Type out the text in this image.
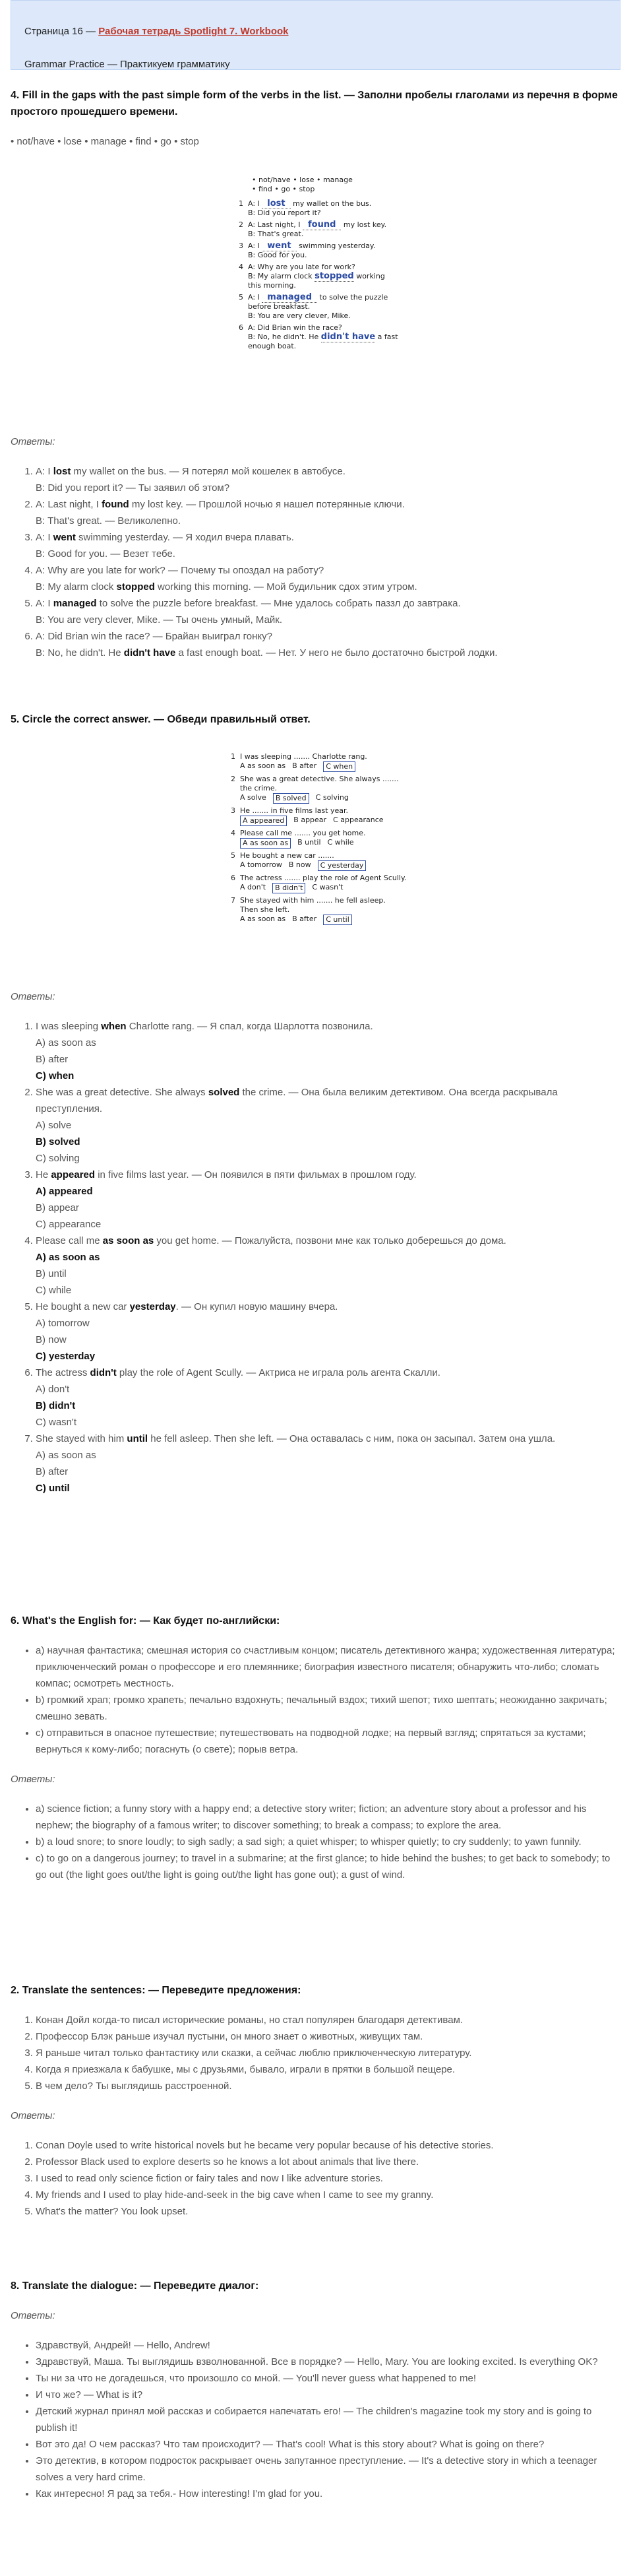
Страница 16 — Рабочая тетрадь Spotlight 7. Workbook
Grammar Practice — Практикуем грамматику
4. Fill in the gaps with the past simple form of the verbs in the list. — Заполни пробелы глаголами из перечня в форме простого прошедшего времени.
• not/have • lose • manage • find • go • stop
• not/have • lose • manage
• find • go • stop
1 A: I lost my wallet on the bus.
B: Did you report it?
2 A: Last night, I found my lost key.
B: That's great.
3 A: I went swimming yesterday.
B: Good for you.
4 A: Why are you late for work?
B: My alarm clock stopped working
this morning.
5 A: I managed to solve the puzzle
before breakfast.
B: You are very clever, Mike.
6 A: Did Brian win the race?
B: No, he didn't. He didn't have a fast
enough boat.
Ответы:
1. A: I lost my wallet on the bus. — Я потерял мой кошелек в автобусе.
B: Did you report it? — Ты заявил об этом?
2. A: Last night, I found my lost key. — Прошлой ночью я нашел потерянные ключи.
B: That's great. — Великолепно.
3. A: I went swimming yesterday. — Я ходил вчера плавать.
B: Good for you. — Везет тебе.
4. A: Why are you late for work? — Почему ты опоздал на работу?
B: My alarm clock stopped working this morning. — Мой будильник сдох этим утром.
5. A: I managed to solve the puzzle before breakfast. — Мне удалось собрать паззл до завтрака.
B: You are very clever, Mike. — Ты очень умный, Майк.
6. A: Did Brian win the race? — Брайан выиграл гонку?
B: No, he didn't. He didn't have a fast enough boat. — Нет. У него не было достаточно быстрой лодки.
5. Circle the correct answer. — Обведи правильный ответ.
1 I was sleeping ....... Charlotte rang.
A as soon as B after	C when
2 She was a great detective. She always .......
the crime.
A solve	B solved	C solving
3 He ....... in five films last year.
A appeared	B appear C appearance
4 Please call me ....... you get home.
A as soon as	B until C while
5 He bought a new car .......
A tomorrow B now	C yesterday
6 The actress ....... play the role of Agent Scully.
A don't	B didn't	C wasn't
7 She stayed with him ....... he fell asleep.
Then she left.
A as soon as B after	C until
Ответы:
1. I was sleeping when Charlotte rang. — Я спал, когда Шарлотта позвонила.
A) as soon as
B) after
C) when
2. She was a great detective. She always solved the crime. — Она была великим детективом. Она всегда раскрывала преступления.
A) solve
B) solved
C) solving
3. He appeared in five films last year. — Он появился в пяти фильмах в прошлом году.
A) appeared
B) appear
C) appearance
4. Please call me as soon as you get home. — Пожалуйста, позвони мне как только доберешься до дома.
A) as soon as
B) until
C) while
5. He bought a new car yesterday. — Он купил новую машину вчера.
A) tomorrow
B) now
C) yesterday
6. The actress didn't play the role of Agent Scully. — Актриса не играла роль агента Скалли.
A) don't
B) didn't
C) wasn't
7. She stayed with him until he fell asleep. Then she left. — Она оставалась с ним, пока он засыпал. Затем она ушла.
A) as soon as
B) after
C) until
6. What's the English for: — Как будет по-английски:
• a) научная фантастика; смешная история со счастливым концом; писатель детективного жанра; художественная литература; приключенческий роман о профессоре и его племяннике; биография известного писателя; обнаружить что-либо; сломать компас; осмотреть местность.
• b) громкий храп; громко храпеть; печально вздохнуть; печальный вздох; тихий шепот; тихо шептать; неожиданно закричать; смешно зевать.
• c) отправиться в опасное путешествие; путешествовать на подводной лодке; на первый взгляд; спрятаться за кустами; вернуться к кому-либо; погаснуть (о свете); порыв ветра.
Ответы:
• a) science fiction; a funny story with a happy end; a detective story writer; fiction; an adventure story about a professor and his nephew; the biography of a famous writer; to discover something; to break a compass; to explore the area.
• b) a loud snore; to snore loudly; to sigh sadly; a sad sigh; a quiet whisper; to whisper quietly; to cry suddenly; to yawn funnily.
• c) to go on a dangerous journey; to travel in a submarine; at the first glance; to hide behind the bushes; to get back to somebody; to go out (the light goes out/the light is going out/the light has gone out); a gust of wind.
2. Translate the sentences: — Переведите предложения:
1. Конан Дойл когда-то писал исторические романы, но стал популярен благодаря детективам.
2. Профессор Блэк раньше изучал пустыни, он много знает о животных, живущих там.
3. Я раньше читал только фантастику или сказки, а сейчас люблю приключенческую литературу.
4. Когда я приезжала к бабушке, мы с друзьями, бывало, играли в прятки в большой пещере.
5. В чем дело? Ты выглядишь расстроенной.
Ответы:
1. Conan Doyle used to write historical novels but he became very popular because of his detective stories.
2. Professor Black used to explore deserts so he knows a lot about animals that live there.
3. I used to read only science fiction or fairy tales and now I like adventure stories.
4. My friends and I used to play hide-and-seek in the big cave when I came to see my granny.
5. What's the matter? You look upset.
8. Translate the dialogue: — Переведите диалог:
Ответы:
• Здравствуй, Андрей! — Hello, Andrew!
• Здравствуй, Маша. Ты выглядишь взволнованной. Все в порядке? — Hello, Mary. You are looking excited. Is everything OK?
• Ты ни за что не догадешься, что произошло со мной. — You'll never guess what happened to me!
• И что же? — What is it?
• Детский журнал принял мой рассказ и собирается напечатать его! — The children's magazine took my story and is going to publish it!
• Вот это да! О чем рассказ? Что там происходит? — That's cool! What is this story about? What is going on there?
• Это детектив, в котором подросток раскрывает очень запутанное преступление. — It's a detective story in which a teenager solves a very hard crime.
• Как интересно! Я рад за тебя.- How interesting! I'm glad for you.
